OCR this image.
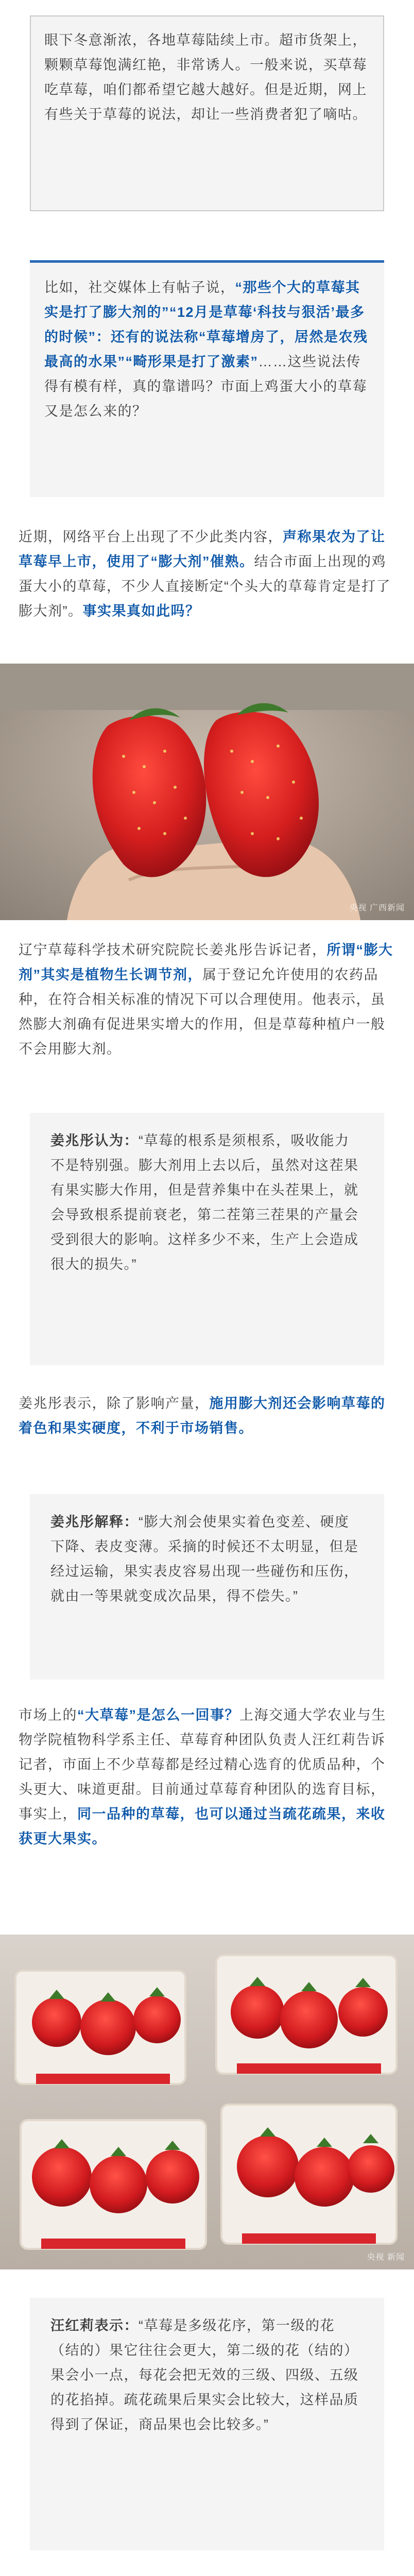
眼下冬意渐浓，各地草莓陆续上市。超市货架上，颗颗草莓饱满红艳，非常诱人。一般来说，买草莓吃草莓，咱们都希望它越大越好。但是近期，网上有些关于草莓的说法，却让一些消费者犯了嘀咕。

比如，社交媒体上有帖子说，“那些个大的草莓其实是打了膨大剂的”“12月是草莓‘科技与狠活’最多的时候”：还有的说法称“草莓增房了，居然是农残最高的水果”“畸形果是打了激素”……这些说法传得有模有样，真的靠谱吗？市面上鸡蛋大小的草莓又是怎么来的？

近期，网络平台上出现了不少此类内容，声称果农为了让草莓早上市，使用了“膨大剂”催熟。结合市面上出现的鸡蛋大小的草莓，不少人直接断定“个头大的草莓肯定是打了膨大剂”。事实果真如此吗？

央视 广西新闻

辽宁草莓科学技术研究院院长姜兆彤告诉记者，所谓“膨大剂”其实是植物生长调节剂，属于登记允许使用的农药品种，在符合相关标准的情况下可以合理使用。他表示，虽然膨大剂确有促进果实增大的作用，但是草莓种植户一般不会用膨大剂。

姜兆彤认为：“草莓的根系是须根系，吸收能力不是特别强。膨大剂用上去以后，虽然对这茬果有果实膨大作用，但是营养集中在头茬果上，就会导致根系提前衰老，第二茬第三茬果的产量会受到很大的影响。这样多少不来，生产上会造成很大的损失。”

姜兆彤表示，除了影响产量，施用膨大剂还会影响草莓的着色和果实硬度，不利于市场销售。

姜兆彤解释：“膨大剂会使果实着色变差、硬度下降、表皮变薄。采摘的时候还不太明显，但是经过运输，果实表皮容易出现一些碰伤和压伤，就由一等果就变成次品果，得不偿失。”

市场上的“大草莓”是怎么一回事？上海交通大学农业与生物学院植物科学系主任、草莓育种团队负责人汪红莉告诉记者，市面上不少草莓都是经过精心选育的优质品种，个头更大、味道更甜。目前通过草莓育种团队的选育目标，事实上，同一品种的草莓，也可以通过当疏花疏果，来收获更大果实。

央视 新闻

汪红莉表示：“草莓是多级花序，第一级的花（结的）果它往往会更大，第二级的花（结的）果会小一点，每花会把无效的三级、四级、五级的花掐掉。疏花疏果后果实会比较大，这样品质得到了保证，商品果也会比较多。”
